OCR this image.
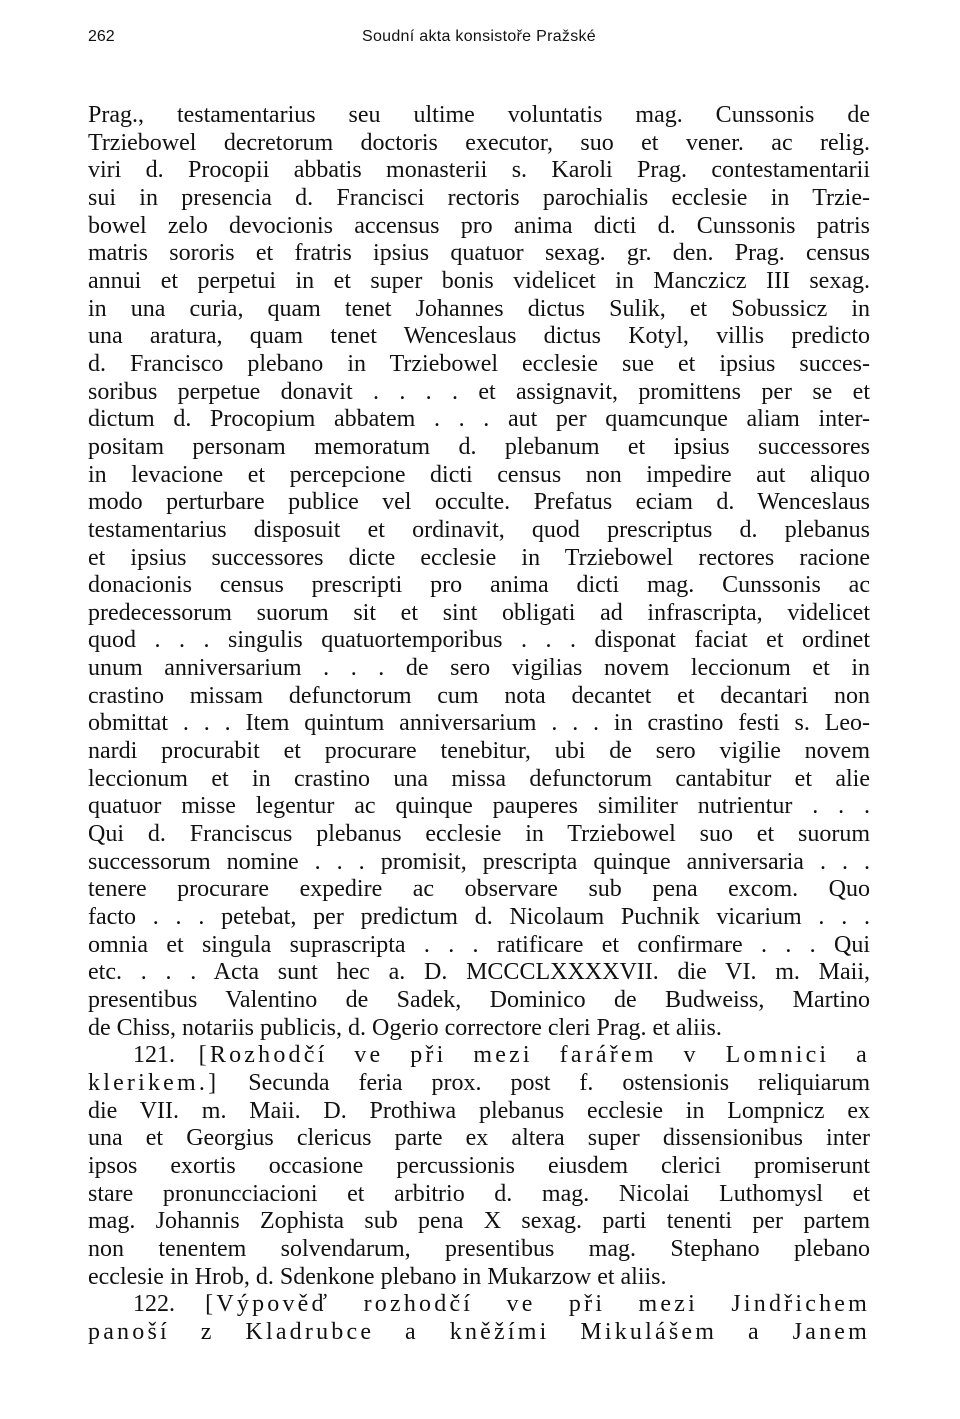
262	Soudní akta konsistoře Pražské
Prag., testamentarius seu ultime voluntatis mag. Cunssonis de
Trziebowel decretorum doctoris executor, suo et vener. ac relig.
viri d. Procopii abbatis monasterii s. Karoli Prag. contestamentarii
sui in presencia d. Francisci rectoris parochialis ecclesie in Trzie-
bowel zelo devocionis accensus pro anima dicti d. Cunssonis patris
matris sororis et fratris ipsius quatuor sexag. gr. den. Prag. census
annui et perpetui in et super bonis videlicet in Manczicz III sexag.
in una curia, quam tenet Johannes dictus Sulik, et Sobussicz in
una aratura, quam tenet Wenceslaus dictus Kotyl, villis predicto
d. Francisco plebano in Trziebowel ecclesie sue et ipsius succes-
soribus perpetue donavit . . . . et assignavit, promittens per se et
dictum d. Procopium abbatem . . . aut per quamcunque aliam inter-
positam personam memoratum d. plebanum et ipsius successores
in levacione et percepcione dicti census non impedire aut aliquo
modo perturbare publice vel occulte. Prefatus eciam d. Wenceslaus
testamentarius disposuit et ordinavit, quod prescriptus d. plebanus
et ipsius successores dicte ecclesie in Trziebowel rectores racione
donacionis census prescripti pro anima dicti mag. Cunssonis ac
predecessorum suorum sit et sint obligati ad infrascripta, videlicet
quod . . . singulis quatuortemporibus . . . disponat faciat et ordinet
unum anniversarium . . . de sero vigilias novem leccionum et in
crastino missam defunctorum cum nota decantet et decantari non
obmittat . . . Item quintum anniversarium . . . in crastino festi s. Leo-
nardi procurabit et procurare tenebitur, ubi de sero vigilie novem
leccionum et in crastino una missa defunctorum cantabitur et alie
quatuor misse legentur ac quinque pauperes similiter nutrientur . . .
Qui d. Franciscus plebanus ecclesie in Trziebowel suo et suorum
successorum nomine . . . promisit, prescripta quinque anniversaria . . .
tenere procurare expedire ac observare sub pena excom. Quo
facto . . . petebat, per predictum d. Nicolaum Puchnik vicarium . . .
omnia et singula suprascripta . . . ratificare et confirmare . . . Qui
etc. . . . Acta sunt hec a. D. MCCCLXXXXVII. die VI. m. Maii,
presentibus Valentino de Sadek, Dominico de Budweiss, Martino
de Chiss, notariis publicis, d. Ogerio correctore cleri Prag. et aliis.
121. [Rozhodčí ve při mezi farářem v Lomnici a
klerikem.] Secunda feria prox. post f. ostensionis reliquiarum
die VII. m. Maii. D. Prothiwa plebanus ecclesie in Lompnicz ex
una et Georgius clericus parte ex altera super dissensionibus inter
ipsos exortis occasione percussionis eiusdem clerici promiserunt
stare pronuncciacioni et arbitrio d. mag. Nicolai Luthomysl et
mag. Johannis Zophista sub pena X sexag. parti tenenti per partem
non tenentem solvendarum, presentibus mag. Stephano plebano
ecclesie in Hrob, d. Sdenkone plebano in Mukarzow et aliis.
122. [Výpověď rozhodčí ve při mezi Jindřichem
panoší z Kladrubce a kněžími Mikulášem a Janem
